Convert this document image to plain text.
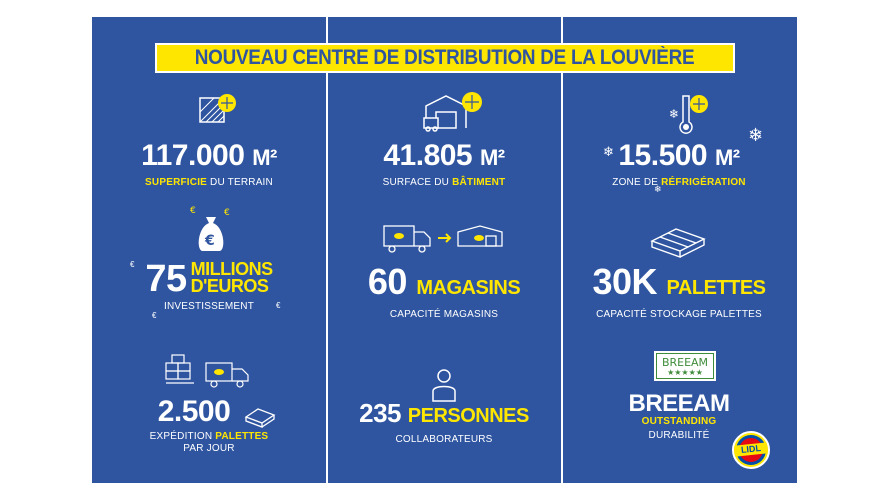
NOUVEAU CENTRE DE DISTRIBUTION DE LA LOUVIÈRE
€	€
€
€
€
€
❄
❄
❄
❄
117.000 M²
SUPERFICIE DU TERRAIN
75 MILLIONS
D'EUROS
INVESTISSEMENT
2.500
EXPÉDITION PALETTES
PAR JOUR
41.805 M²
SURFACE DU BÂTIMENT
60 MAGASINS
CAPACITÉ MAGASINS
235 PERSONNES
COLLABORATEURS
15.500 M²
ZONE DE RÉFRIGÉRATION
30K PALETTES
CAPACITÉ STOCKAGE PALETTES
BREEAM
★★★★★
BREEAM
OUTSTANDING
DURABILITÉ
LIDL
